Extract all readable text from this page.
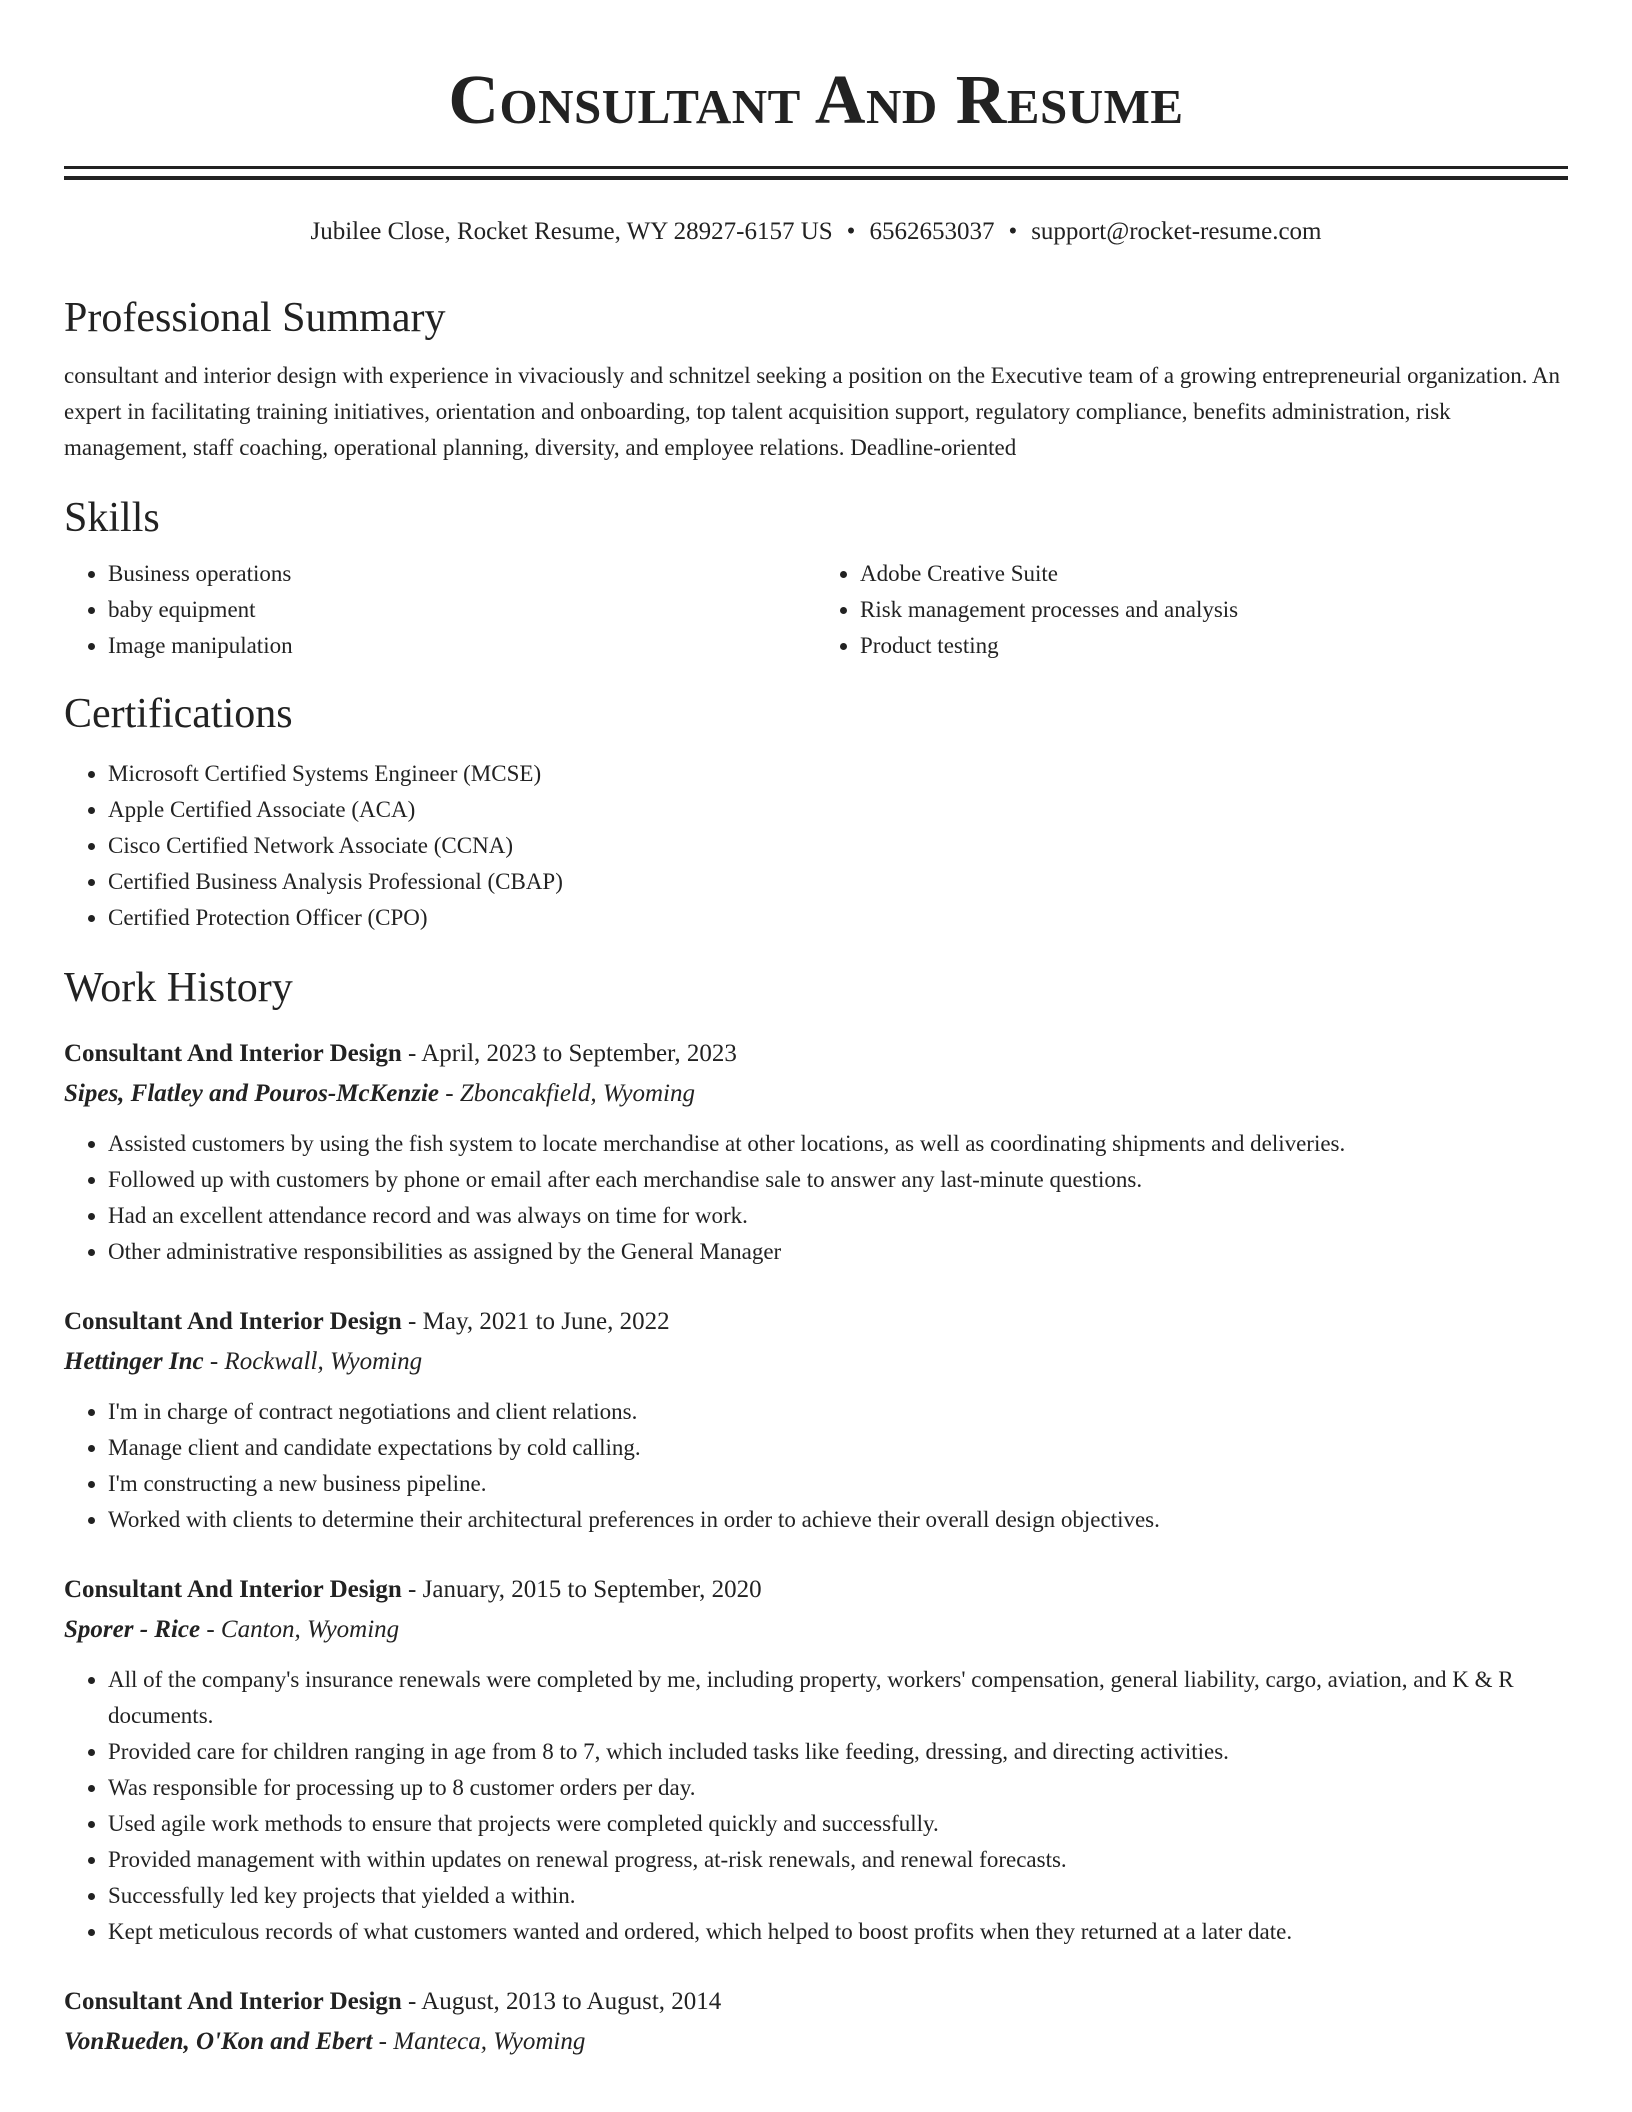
Consultant And Resume
Jubilee Close, Rocket Resume, WY 28927-6157 US • 6562653037 • support@rocket-resume.com
Professional Summary
consultant and interior design with experience in vivaciously and schnitzel seeking a position on the Executive team of a growing entrepreneurial organization. An expert in facilitating training initiatives, orientation and onboarding, top talent acquisition support, regulatory compliance, benefits administration, risk management, staff coaching, operational planning, diversity, and employee relations. Deadline-oriented
Skills
• Business operations
• baby equipment
• Image manipulation
• Adobe Creative Suite
• Risk management processes and analysis
• Product testing
Certifications
• Microsoft Certified Systems Engineer (MCSE)
• Apple Certified Associate (ACA)
• Cisco Certified Network Associate (CCNA)
• Certified Business Analysis Professional (CBAP)
• Certified Protection Officer (CPO)
Work History
Consultant And Interior Design - April, 2023 to September, 2023
Sipes, Flatley and Pouros-McKenzie - Zboncakfield, Wyoming
• Assisted customers by using the fish system to locate merchandise at other locations, as well as coordinating shipments and deliveries.
• Followed up with customers by phone or email after each merchandise sale to answer any last-minute questions.
• Had an excellent attendance record and was always on time for work.
• Other administrative responsibilities as assigned by the General Manager
Consultant And Interior Design - May, 2021 to June, 2022
Hettinger Inc - Rockwall, Wyoming
• I'm in charge of contract negotiations and client relations.
• Manage client and candidate expectations by cold calling.
• I'm constructing a new business pipeline.
• Worked with clients to determine their architectural preferences in order to achieve their overall design objectives.
Consultant And Interior Design - January, 2015 to September, 2020
Sporer - Rice - Canton, Wyoming
• All of the company's insurance renewals were completed by me, including property, workers' compensation, general liability, cargo, aviation, and K & R documents.
• Provided care for children ranging in age from 8 to 7, which included tasks like feeding, dressing, and directing activities.
• Was responsible for processing up to 8 customer orders per day.
• Used agile work methods to ensure that projects were completed quickly and successfully.
• Provided management with within updates on renewal progress, at-risk renewals, and renewal forecasts.
• Successfully led key projects that yielded a within.
• Kept meticulous records of what customers wanted and ordered, which helped to boost profits when they returned at a later date.
Consultant And Interior Design - August, 2013 to August, 2014
VonRueden, O'Kon and Ebert - Manteca, Wyoming
